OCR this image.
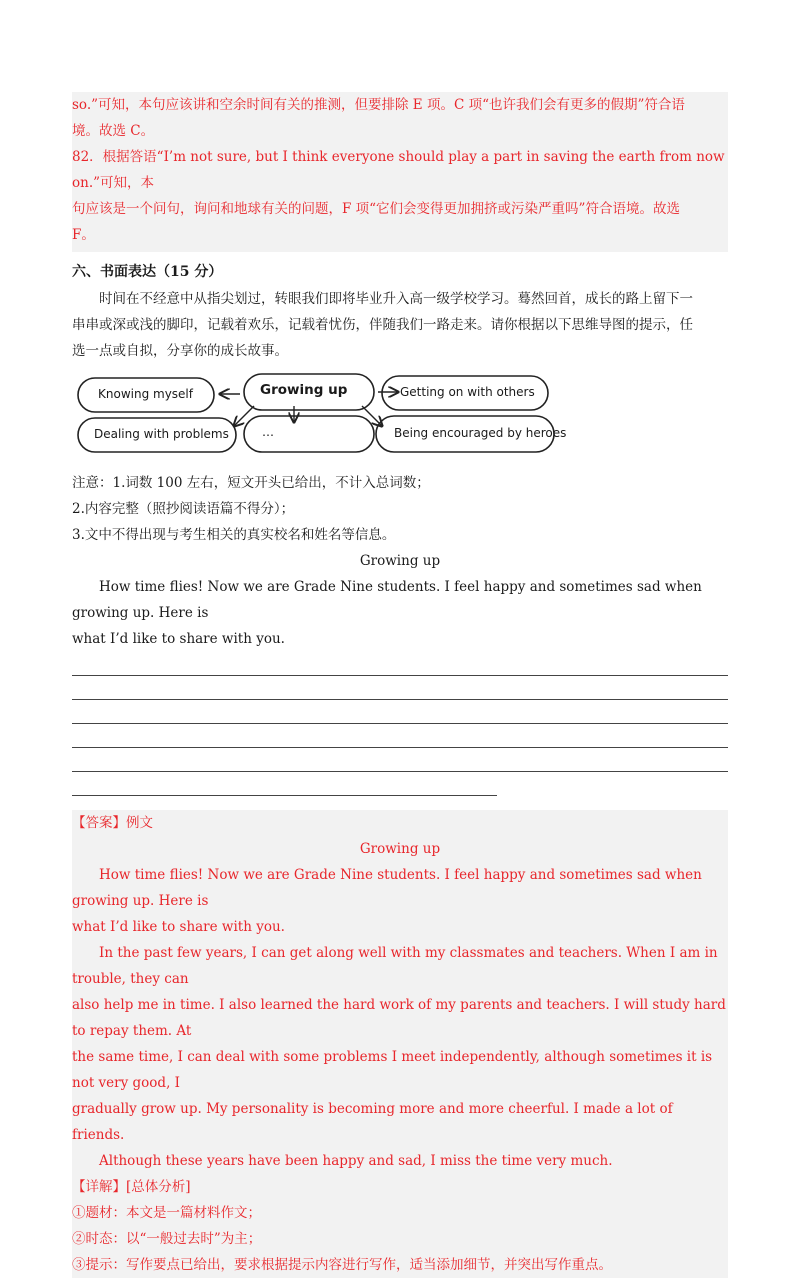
so.”可知，本句应该讲和空余时间有关的推测，但要排除 E 项。C 项“也许我们会有更多的假期”符合语
境。故选 C。
82．根据答语“I’m not sure, but I think everyone should play a part in saving the earth from now on.”可知，本
句应该是一个问句，询问和地球有关的问题，F 项“它们会变得更加拥挤或污染严重吗”符合语境。故选
F。
六、书面表达（15 分）
时间在不经意中从指尖划过，转眼我们即将毕业升入高一级学校学习。蓦然回首，成长的路上留下一
串串或深或浅的脚印，记载着欢乐，记载着忧伤，伴随我们一路走来。请你根据以下思维导图的提示，任
选一点或自拟，分享你的成长故事。
Knowing myself
Dealing with problems
Growing up
…
Getting on with others
Being encouraged by heroes
注意：1.词数 100 左右，短文开头已给出，不计入总词数；
2.内容完整（照抄阅读语篇不得分）；
3.文中不得出现与考生相关的真实校名和姓名等信息。
Growing up
How time flies! Now we are Grade Nine students. I feel happy and sometimes sad when growing up. Here is
what I’d like to share with you.
【答案】例文
Growing up
How time flies! Now we are Grade Nine students. I feel happy and sometimes sad when growing up. Here is
what I’d like to share with you.
In the past few years, I can get along well with my classmates and teachers. When I am in trouble, they can
also help me in time. I also learned the hard work of my parents and teachers. I will study hard to repay them. At
the same time, I can deal with some problems I meet independently, although sometimes it is not very good, I
gradually grow up. My personality is becoming more and more cheerful. I made a lot of friends.
Although these years have been happy and sad, I miss the time very much.
【详解】[总体分析]
①题材：本文是一篇材料作文；
②时态：以“一般过去时”为主；
③提示：写作要点已给出，要求根据提示内容进行写作，适当添加细节，并突出写作重点。
